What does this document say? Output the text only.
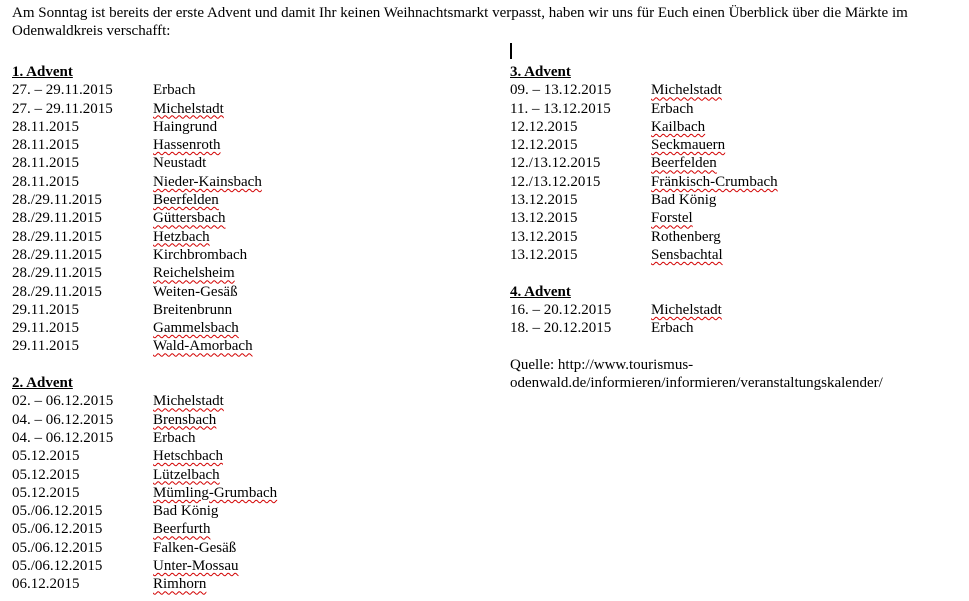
Am Sonntag ist bereits der erste Advent und damit Ihr keinen Weihnachtsmarkt verpasst, haben wir uns für Euch einen Überblick über die Märkte im Odenwaldkreis verschafft:

1. Advent
27. – 29.11.2015	Erbach
27. – 29.11.2015	Michelstadt
28.11.2015	Haingrund
28.11.2015	Hassenroth
28.11.2015	Neustadt
28.11.2015	Nieder-Kainsbach
28./29.11.2015	Beerfelden
28./29.11.2015	Güttersbach
28./29.11.2015	Hetzbach
28./29.11.2015	Kirchbrombach
28./29.11.2015	Reichelsheim
28./29.11.2015	Weiten-Gesäß
29.11.2015	Breitenbrunn
29.11.2015	Gammelsbach
29.11.2015	Wald-Amorbach
2. Advent
02. – 06.12.2015	Michelstadt
04. – 06.12.2015	Brensbach
04. – 06.12.2015	Erbach
05.12.2015	Hetschbach
05.12.2015	Lützelbach
05.12.2015	Mümling-Grumbach
05./06.12.2015	Bad König
05./06.12.2015	Beerfurth
05./06.12.2015	Falken-Gesäß
05./06.12.2015	Unter-Mossau
06.12.2015	Rimhorn
3. Advent
09. – 13.12.2015	Michelstadt
11. – 13.12.2015	Erbach
12.12.2015	Kailbach
12.12.2015	Seckmauern
12./13.12.2015	Beerfelden
12./13.12.2015	Fränkisch-Crumbach
13.12.2015	Bad König
13.12.2015	Forstel
13.12.2015	Rothenberg
13.12.2015	Sensbachtal
4. Advent
16. – 20.12.2015	Michelstadt
18. – 20.12.2015	Erbach
Quelle: http://www.tourismus-odenwald.de/informieren/informieren/veranstaltungskalender/
